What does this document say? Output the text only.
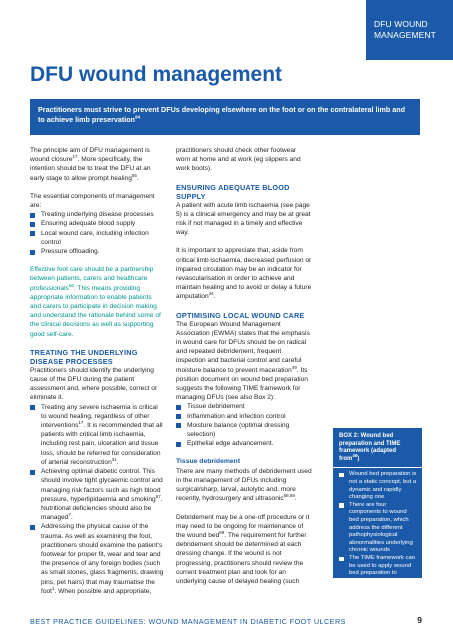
DFU WOUND
MANAGEMENT
DFU wound management
Practitioners must strive to prevent DFUs developing elsewhere on the foot or on the contralateral limb and to achieve limb preservation$^{64}$

The principle aim of DFU management is wound closure$^{17}$. More specifically, the intention should be to treat the DFU at an early stage to allow prompt healing$^{65}$.

The essential components of management are:

Treating underlying disease processes
Ensuring adequate blood supply
Local wound care, including infection control
Pressure offloading.

Effective foot care should be a partnership between patients, carers and healthcare professionals$^{66}$. This means providing appropriate information to enable patients and carers to participate in decision making and understand the rationale behind some of the clinical decisions as well as supporting good self-care.

TREATING THE UNDERLYING DISEASE PROCESSES

Practitioners should identify the underlying cause of the DFU during the patient assessment and, where possible, correct or eliminate it.

Treating any severe ischaemia is critical to wound healing, regardless of other interventions$^{17}$. It is recommended that all patients with critical limb ischaemia, including rest pain, ulceration and tissue loss, should be referred for consideration of arterial reconstruction$^{31}$.
Achieving optimal diabetic control. This should involve tight glycaemic control and managing risk factors such as high blood pressure, hyperlipidaemia and smoking$^{67}$. Nutritional deficiencies should also be managed$^7$.
Addressing the physical cause of the trauma. As well as examining the foot, practitioners should examine the patient's footwear for proper fit, wear and tear and the presence of any foreign bodies (such as small stones, glass fragments, drawing pins, pet hairs) that may traumatise the foot$^1$. When possible and appropriate,

practitioners should check other footwear worn at home and at work (eg slippers and work boots).

ENSURING ADEQUATE BLOOD SUPPLY

A patient with acute limb ischaemia (see page 5) is a clinical emergency and may be at great risk if not managed in a timely and effective way.

It is important to appreciate that, aside from critical limb ischaemia, decreased perfusion or impaired circulation may be an indicator for revascularisation in order to achieve and maintain healing and to avoid or delay a future amputation$^{34}$.

OPTIMISING LOCAL WOUND CARE

The European Wound Management Association (EWMA) states that the emphasis in wound care for DFUs should be on radical and repeated debridement, frequent inspection and bacterial control and careful moisture balance to prevent maceration$^{49}$. Its position document on wound bed preparation suggests the following TIME framework for managing DFUs (see also Box 2):

Tissue debridement
Inflammation and infection control
Moisture balance (optimal dressing selection)
Epithelial edge advancement.
Tissue debridement

There are many methods of debridement used in the management of DFUs including surgical/sharp, larval, autolytic and, more recently, hydrosurgery and ultrasonic$^{68,69}$.

Debridement may be a one-off procedure or it may need to be ongoing for maintenance of the wound bed$^{69}$. The requirement for further debridement should be determined at each dressing change. If the wound is not progressing, practitioners should review the current treatment plan and look for an underlying cause of delayed healing (such

BOX 2: Wound bed preparation and TIME framework (adapted from$^{49}$)
Wound bed preparation is not a static concept, but a dynamic and rapidly changing one
There are four components to wound bed preparation, which address the different pathophysiological abnormalities underlying chronic wounds
The TIME framework can be used to apply wound bed preparation to practice
BEST PRACTICE GUIDELINES: WOUND MANAGEMENT IN DIABETIC FOOT ULCERS	9
